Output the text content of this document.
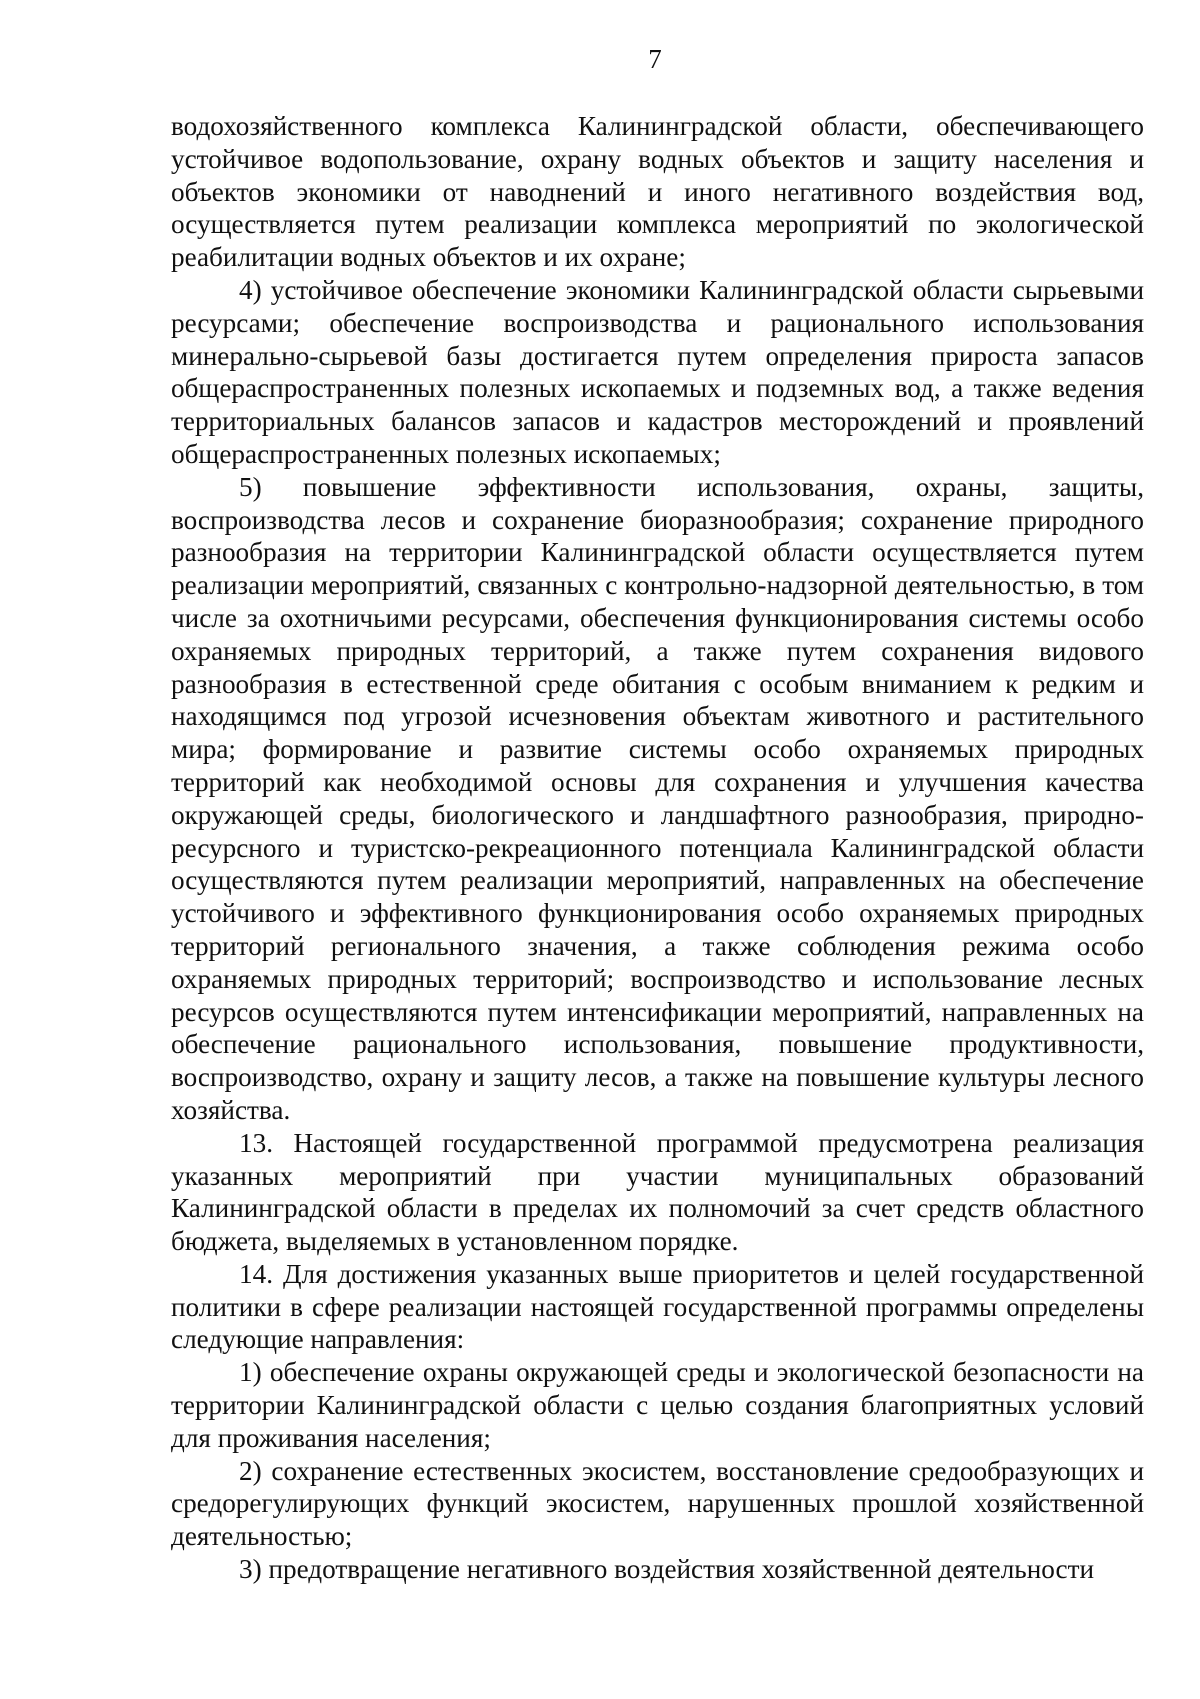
7

водохозяйственного комплекса Калининградской области, обеспечивающего устойчивое водопользование, охрану водных объектов и защиту населения и объектов экономики от наводнений и иного негативного воздействия вод, осуществляется путем реализации комплекса мероприятий по экологической реабилитации водных объектов и их охране;

4) устойчивое обеспечение экономики Калининградской области сырьевыми ресурсами; обеспечение воспроизводства и рационального использования минерально-сырьевой базы достигается путем определения прироста запасов общераспространенных полезных ископаемых и подземных вод, а также ведения территориальных балансов запасов и кадастров месторождений и проявлений общераспространенных полезных ископаемых;

5) повышение эффективности использования, охраны, защиты, воспроизводства лесов и сохранение биоразнообразия; сохранение природного разнообразия на территории Калининградской области осуществляется путем реализации мероприятий, связанных с контрольно-надзорной деятельностью, в том числе за охотничьими ресурсами, обеспечения функционирования системы особо охраняемых природных территорий, а также путем сохранения видового разнообразия в естественной среде обитания с особым вниманием к редким и находящимся под угрозой исчезновения объектам животного и растительного мира; формирование и развитие системы особо охраняемых природных территорий как необходимой основы для сохранения и улучшения качества окружающей среды, биологического и ландшафтного разнообразия, природно-ресурсного и туристско-рекреационного потенциала Калининградской области осуществляются путем реализации мероприятий, направленных на обеспечение устойчивого и эффективного функционирования особо охраняемых природных территорий регионального значения, а также соблюдения режима особо охраняемых природных территорий; воспроизводство и использование лесных ресурсов осуществляются путем интенсификации мероприятий, направленных на обеспечение рационального использования, повышение продуктивности, воспроизводство, охрану и защиту лесов, а также на повышение культуры лесного хозяйства.

13. Настоящей государственной программой предусмотрена реализация указанных мероприятий при участии муниципальных образований Калининградской области в пределах их полномочий за счет средств областного бюджета, выделяемых в установленном порядке.

14. Для достижения указанных выше приоритетов и целей государственной политики в сфере реализации настоящей государственной программы определены следующие направления:

1) обеспечение охраны окружающей среды и экологической безопасности на территории Калининградской области с целью создания благоприятных условий для проживания населения;

2) сохранение естественных экосистем, восстановление средообразующих и средорегулирующих функций экосистем, нарушенных прошлой хозяйственной деятельностью;

3) предотвращение негативного воздействия хозяйственной деятельности
